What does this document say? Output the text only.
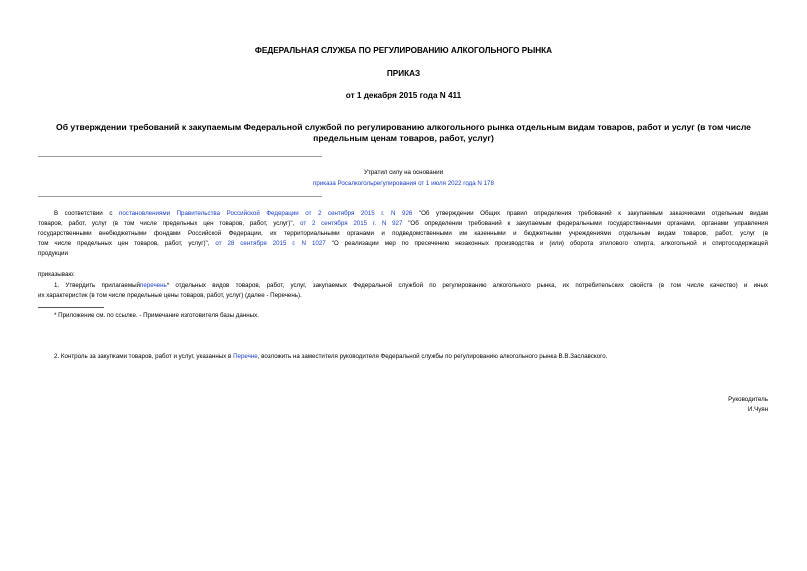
ФЕДЕРАЛЬНАЯ СЛУЖБА ПО РЕГУЛИРОВАНИЮ АЛКОГОЛЬНОГО РЫНКА
ПРИКАЗ
от 1 декабря 2015 года N 411
Об утверждении требований к закупаемым Федеральной службой по регулированию алкогольного рынка отдельным видам товаров, работ и услуг (в том числе
предельным ценам товаров, работ, услуг)
Утратил силу на основании
приказа Росалкогольрегулирования от 1 июля 2022 года N 178
В соответствии с постановлениями Правительства Российской Федерации от 2 сентября 2015 г. N 926 "Об утверждении Общих правил определения требований к закупаемым заказчиками отдельным видам
товаров, работ, услуг (в том числе предельных цен товаров, работ, услуг)", от 2 сентября 2015 г. N 927 "Об определении требований к закупаемым федеральными государственными органами, органами управления
государственными внебюджетными фондами Российской Федерации, их территориальными органами и подведомственными им казенными и бюджетными учреждениями отдельным видам товаров, работ, услуг (в
том числе предельных цен товаров, работ, услуг)", от 28 сентября 2015 г. N 1027 "О реализации мер по пресечению незаконных производства и (или) оборота этилового спирта, алкогольной и спиртосодержащей
продукции
приказываю:
1. Утвердить прилагаемыйперечень* отдельных видов товаров, работ, услуг, закупаемых Федеральной службой по регулированию алкогольного рынка, их потребительских свойств (в том числе качество) и иных
их характеристик (в том числе предельные цены товаров, работ, услуг) (далее - Перечень).
* Приложение см. по ссылке. - Примечание изготовителя базы данных.
2. Контроль за закупками товаров, работ и услуг, указанных в Перечне, возложить на заместителя руководителя Федеральной службы по регулированию алкогольного рынка В.В.Заславского.
Руководитель
И.Чуян
